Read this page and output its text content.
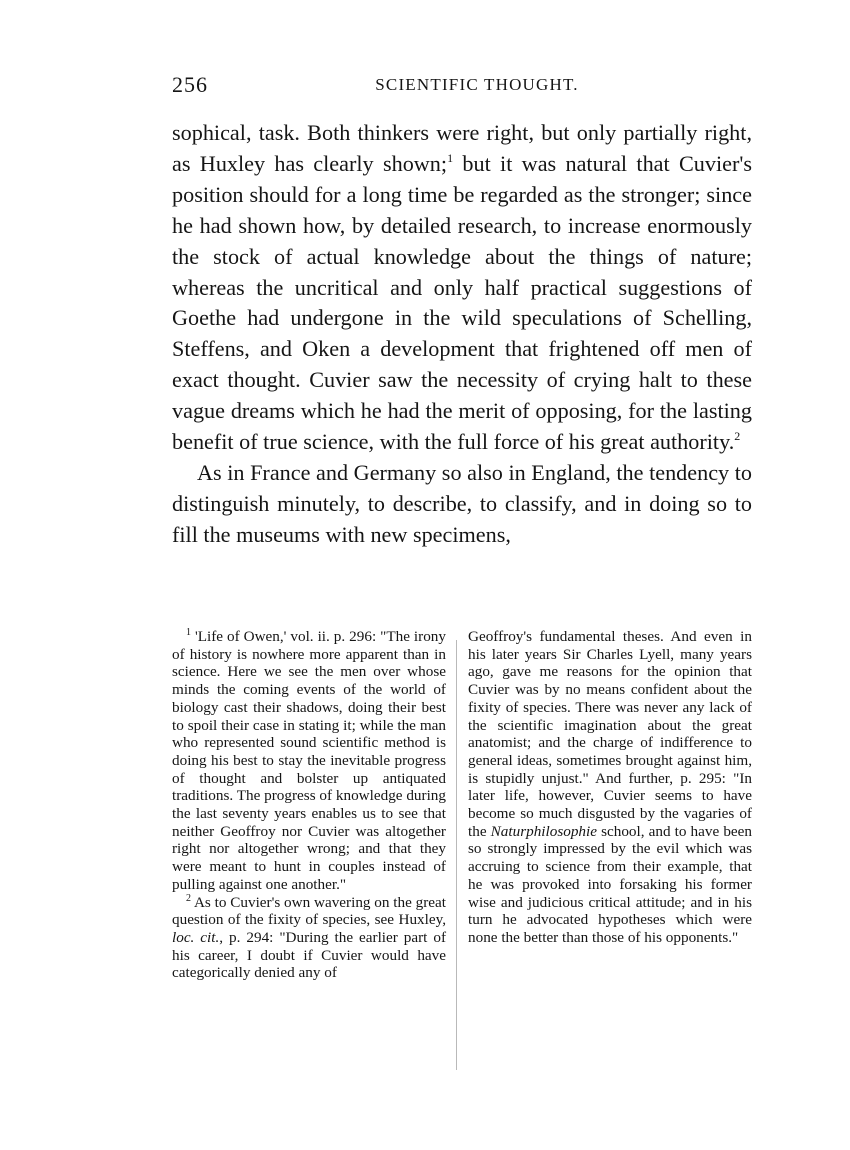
256	SCIENTIFIC THOUGHT.

sophical, task. Both thinkers were right, but only partially right, as Huxley has clearly shown;$^1$ but it was natural that Cuvier's position should for a long time be regarded as the stronger; since he had shown how, by detailed research, to increase enormously the stock of actual knowledge about the things of nature; whereas the uncritical and only half practical suggestions of Goethe had undergone in the wild speculations of Schelling, Steffens, and Oken a development that frightened off men of exact thought. Cuvier saw the necessity of crying halt to these vague dreams which he had the merit of opposing, for the lasting benefit of true science, with the full force of his great authority.$^2$

As in France and Germany so also in England, the tendency to distinguish minutely, to describe, to classify, and in doing so to fill the museums with new specimens,

$^1$ 'Life of Owen,' vol. ii. p. 296: "The irony of history is nowhere more apparent than in science. Here we see the men over whose minds the coming events of the world of biology cast their shadows, doing their best to spoil their case in stating it; while the man who represented sound scientific method is doing his best to stay the inevitable progress of thought and bolster up antiquated traditions. The progress of knowledge during the last seventy years enables us to see that neither Geoffroy nor Cuvier was altogether right nor altogether wrong; and that they were meant to hunt in couples instead of pulling against one another."

$^2$ As to Cuvier's own wavering on the great question of the fixity of species, see Huxley, loc. cit., p. 294: "During the earlier part of his career, I doubt if Cuvier would have categorically denied any of

Geoffroy's fundamental theses. And even in his later years Sir Charles Lyell, many years ago, gave me reasons for the opinion that Cuvier was by no means confident about the fixity of species. There was never any lack of the scientific imagination about the great anatomist; and the charge of indifference to general ideas, sometimes brought against him, is stupidly unjust." And further, p. 295: "In later life, however, Cuvier seems to have become so much disgusted by the vagaries of the Naturphilosophie school, and to have been so strongly impressed by the evil which was accruing to science from their example, that he was provoked into forsaking his former wise and judicious critical attitude; and in his turn he advocated hypotheses which were none the better than those of his opponents."
